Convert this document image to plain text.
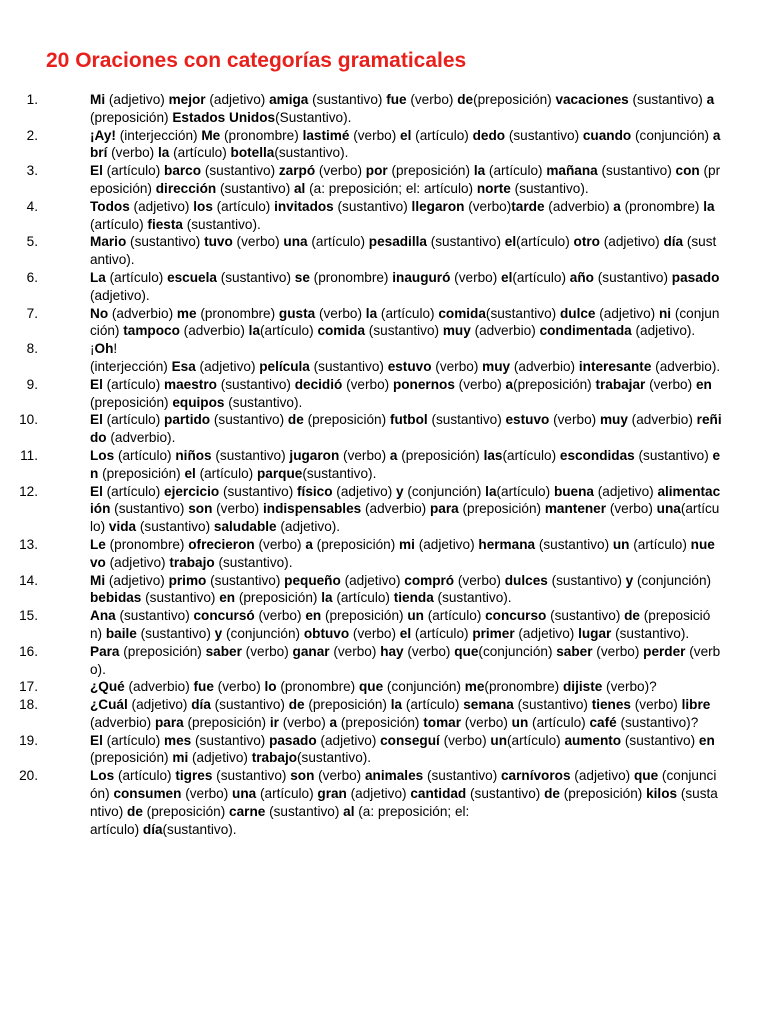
20 Oraciones con categorías gramaticales
1 .	Mi (adjetivo) mejor (adjetivo) amiga (sustantivo) fue (verbo) de(preposición) vacaciones (sustantivo) a (preposición) Estados Unidos(Sustantivo).
2 .	¡Ay! (interjección) Me (pronombre) lastimé (verbo) el (artículo) dedo (sustantivo) cuando (conjunción) abrí (verbo) la (artículo) botella(sustantivo).
3 .	El (artículo) barco (sustantivo) zarpó (verbo) por (preposición) la (artículo) mañana (sustantivo) con (preposición) dirección (sustantivo) al (a: preposición; el: artículo) norte (sustantivo).
4 .	Todos (adjetivo) los (artículo) invitados (sustantivo) llegaron (verbo)tarde (adverbio) a (pronombre) la (artículo) fiesta (sustantivo).
5 .	Mario (sustantivo) tuvo (verbo) una (artículo) pesadilla (sustantivo) el(artículo) otro (adjetivo) día (sustantivo).
6 .	La (artículo) escuela (sustantivo) se (pronombre) inauguró (verbo) el(artículo) año (sustantivo) pasado (adjetivo).
7 .	No (adverbio) me (pronombre) gusta (verbo) la (artículo) comida(sustantivo) dulce (adjetivo) ni (conjunción) tampoco (adverbio) la(artículo) comida (sustantivo) muy (adverbio) condimentada (adjetivo).
8 .	¡Oh!
(interjección) Esa (adjetivo) película (sustantivo) estuvo (verbo) muy (adverbio) interesante (adverbio).
9 .	El (artículo) maestro (sustantivo) decidió (verbo) ponernos (verbo) a(preposición) trabajar (verbo) en (preposición) equipos (sustantivo).
10 .	El (artículo) partido (sustantivo) de (preposición) futbol (sustantivo) estuvo (verbo) muy (adverbio) reñido (adverbio).
11 .	Los (artículo) niños (sustantivo) jugaron (verbo) a (preposición) las(artículo) escondidas (sustantivo) en (preposición) el (artículo) parque(sustantivo).
12 .	El (artículo) ejercicio (sustantivo) físico (adjetivo) y (conjunción) la(artículo) buena (adjetivo) alimentación (sustantivo) son (verbo) indispensables (adverbio) para (preposición) mantener (verbo) una(artículo) vida (sustantivo) saludable (adjetivo).
13 .	Le (pronombre) ofrecieron (verbo) a (preposición) mi (adjetivo) hermana (sustantivo) un (artículo) nuevo (adjetivo) trabajo (sustantivo).
14 .	Mi (adjetivo) primo (sustantivo) pequeño (adjetivo) compró (verbo) dulces (sustantivo) y (conjunción) bebidas (sustantivo) en (preposición) la (artículo) tienda (sustantivo).
15 .	Ana (sustantivo) concursó (verbo) en (preposición) un (artículo) concurso (sustantivo) de (preposición) baile (sustantivo) y (conjunción) obtuvo (verbo) el (artículo) primer (adjetivo) lugar (sustantivo).
16 .	Para (preposición) saber (verbo) ganar (verbo) hay (verbo) que(conjunción) saber (verbo) perder (verbo).
17 .	¿Qué (adverbio) fue (verbo) lo (pronombre) que (conjunción) me(pronombre) dijiste (verbo)?
18 .	¿Cuál (adjetivo) día (sustantivo) de (preposición) la (artículo) semana (sustantivo) tienes (verbo) libre (adverbio) para (preposición) ir (verbo) a (preposición) tomar (verbo) un (artículo) café (sustantivo)?
19 .	El (artículo) mes (sustantivo) pasado (adjetivo) conseguí (verbo) un(artículo) aumento (sustantivo) en (preposición) mi (adjetivo) trabajo(sustantivo).
20 .	Los (artículo) tigres (sustantivo) son (verbo) animales (sustantivo) carnívoros (adjetivo) que (conjunción) consumen (verbo) una (artículo) gran (adjetivo) cantidad (sustantivo) de (preposición) kilos (sustantivo) de (preposición) carne (sustantivo) al (a: preposición; el:
artículo) día(sustantivo).
